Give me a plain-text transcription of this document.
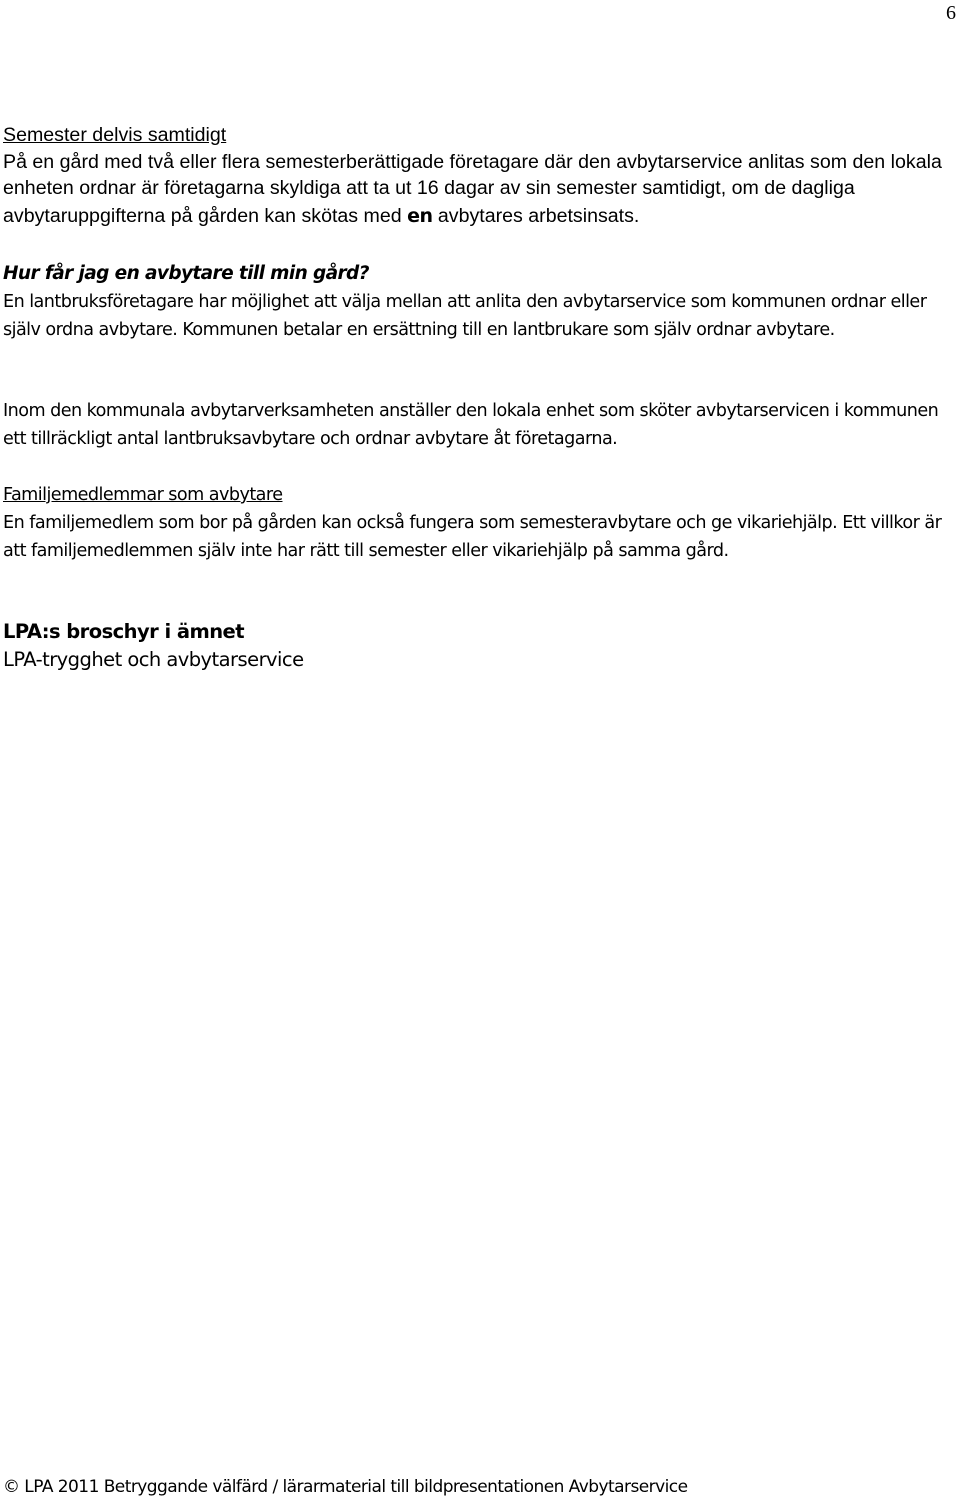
6
Semester delvis samtidigt

På en gård med två eller flera semesterberättigade företagare där den avbytarservice anlitas som den lokala enheten ordnar är företagarna skyldiga att ta ut 16 dagar av sin semester samtidigt, om de dagliga avbytaruppgifterna på gården kan skötas med en avbytares arbetsinsats.

Hur får jag en avbytare till min gård?

En lantbruksföretagare har möjlighet att välja mellan att anlita den avbytarservice som kommunen ordnar eller själv ordna avbytare. Kommunen betalar en ersättning till en lantbrukare som själv ordnar avbytare.

Inom den kommunala avbytarverksamheten anställer den lokala enhet som sköter avbytarservicen i kommunen ett tillräckligt antal lantbruksavbytare och ordnar avbytare åt företagarna.

Familjemedlemmar som avbytare

En familjemedlem som bor på gården kan också fungera som semesteravbytare och ge vikariehjälp. Ett villkor är att familjemedlemmen själv inte har rätt till semester eller vikariehjälp på samma gård.

LPA:s broschyr i ämnet
LPA-trygghet och avbytarservice
© LPA 2011 Betryggande välfärd / lärarmaterial till bildpresentationen Avbytarservice
